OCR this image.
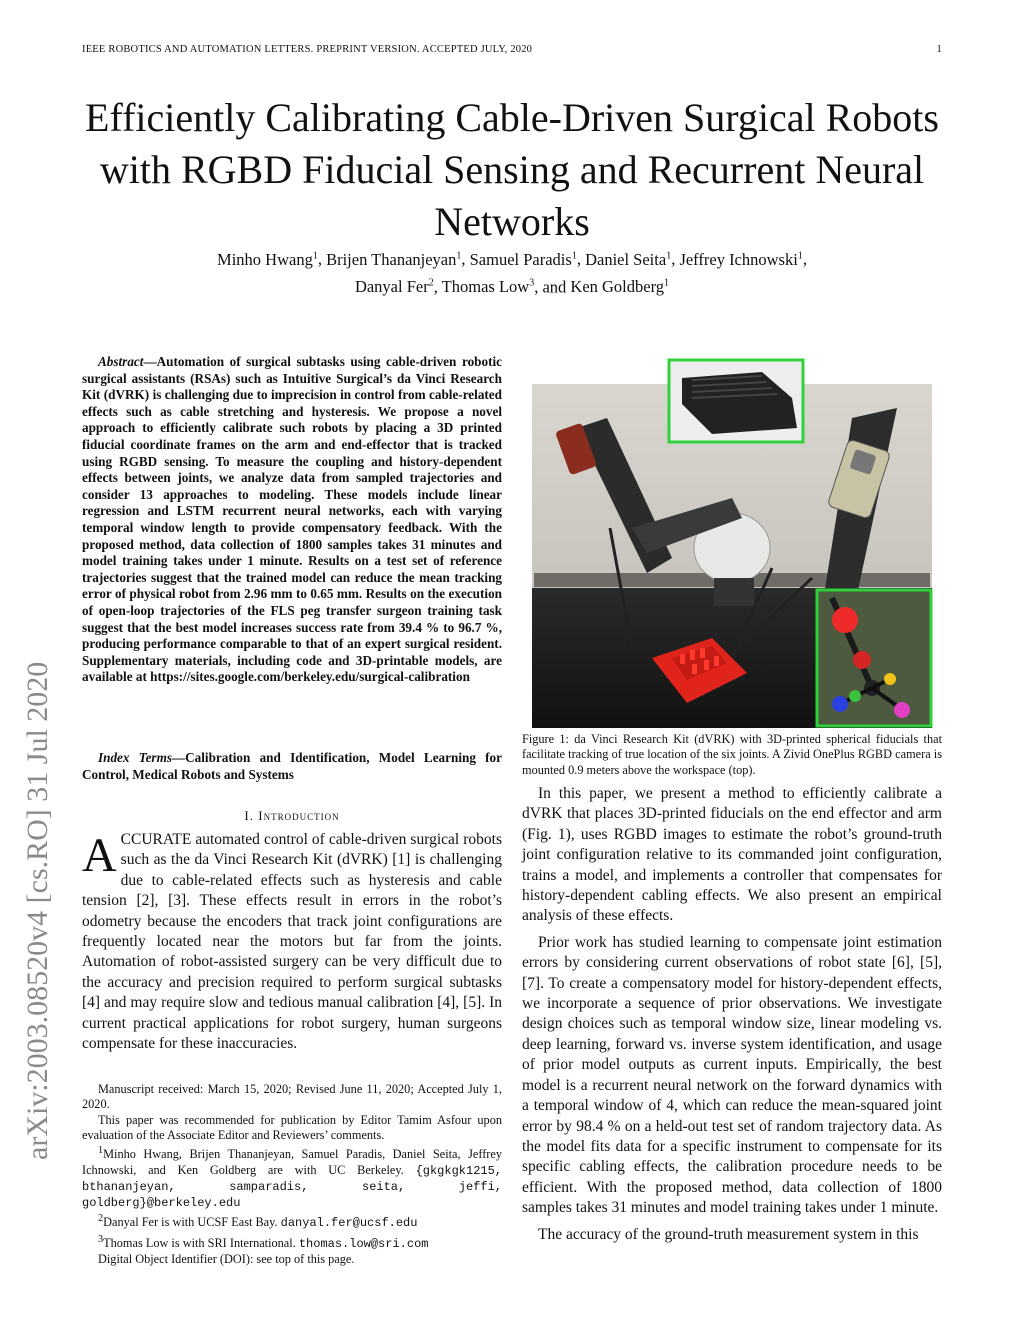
IEEE ROBOTICS AND AUTOMATION LETTERS. PREPRINT VERSION. ACCEPTED JULY, 2020	1
Efficiently Calibrating Cable-Driven Surgical Robots with RGBD Fiducial Sensing and Recurrent Neural Networks
Minho Hwang$^1$, Brijen Thananjeyan$^1$, Samuel Paradis$^1$, Daniel Seita$^1$, Jeffrey Ichnowski$^1$,
Danyal Fer$^2$, Thomas Low$^3$, and Ken Goldberg$^1$
arXiv:2003.08520v4 [cs.RO] 31 Jul 2020

Abstract—Automation of surgical subtasks using cable-driven robotic surgical assistants (RSAs) such as Intuitive Surgical’s da Vinci Research Kit (dVRK) is challenging due to imprecision in control from cable-related effects such as cable stretching and hysteresis. We propose a novel approach to efficiently calibrate such robots by placing a 3D printed fiducial coordinate frames on the arm and end-effector that is tracked using RGBD sensing. To measure the coupling and history-dependent effects between joints, we analyze data from sampled trajectories and consider 13 approaches to modeling. These models include linear regression and LSTM recurrent neural networks, each with varying temporal window length to provide compensatory feedback. With the proposed method, data collection of 1800 samples takes 31 minutes and model training takes under 1 minute. Results on a test set of reference trajectories suggest that the trained model can reduce the mean tracking error of physical robot from 2.96 mm to 0.65 mm. Results on the execution of open-loop trajectories of the FLS peg transfer surgeon training task suggest that the best model increases success rate from 39.4 % to 96.7 %, producing performance comparable to that of an expert surgical resident. Supplementary materials, including code and 3D-printable models, are available at https://sites.google.com/berkeley.edu/surgical-calibration

Index Terms—Calibration and Identification, Model Learning for Control, Medical Robots and Systems

I. Introduction
ACCURATE automated control of cable-driven surgical robots such as the da Vinci Research Kit (dVRK) [1] is challenging due to cable-related effects such as hysteresis and cable tension [2], [3]. These effects result in errors in the robot’s odometry because the encoders that track joint configurations are frequently located near the motors but far from the joints. Automation of robot-assisted surgery can be very difficult due to the accuracy and precision required to perform surgical subtasks [4] and may require slow and tedious manual calibration [4], [5]. In current practical applications for robot surgery, human surgeons compensate for these inaccuracies.

Manuscript received: March 15, 2020; Revised June 11, 2020; Accepted July 1, 2020.

This paper was recommended for publication by Editor Tamim Asfour upon evaluation of the Associate Editor and Reviewers’ comments.

$^1$Minho Hwang, Brijen Thananjeyan, Samuel Paradis, Daniel Seita, Jeffrey Ichnowski, and Ken Goldberg are with UC Berkeley. {gkgkgk1215, bthananjeyan, samparadis, seita, jeffi, goldberg}@berkeley.edu

$^2$Danyal Fer is with UCSF East Bay. danyal.fer@ucsf.edu

$^3$Thomas Low is with SRI International. thomas.low@sri.com

Digital Object Identifier (DOI): see top of this page.

Figure 1: da Vinci Research Kit (dVRK) with 3D-printed spherical fiducials that facilitate tracking of true location of the six joints. A Zivid OnePlus RGBD camera is mounted 0.9 meters above the workspace (top).

In this paper, we present a method to efficiently calibrate a dVRK that places 3D-printed fiducials on the end effector and arm (Fig. 1), uses RGBD images to estimate the robot’s ground-truth joint configuration relative to its commanded joint configuration, trains a model, and implements a controller that compensates for history-dependent cabling effects. We also present an empirical analysis of these effects.

Prior work has studied learning to compensate joint estimation errors by considering current observations of robot state [6], [5], [7]. To create a compensatory model for history-dependent effects, we incorporate a sequence of prior observations. We investigate design choices such as temporal window size, linear modeling vs. deep learning, forward vs. inverse system identification, and usage of prior model outputs as current inputs. Empirically, the best model is a recurrent neural network on the forward dynamics with a temporal window of 4, which can reduce the mean-squared joint error by 98.4 % on a held-out test set of random trajectory data. As the model fits data for a specific instrument to compensate for its specific cabling effects, the calibration procedure needs to be efficient. With the proposed method, data collection of 1800 samples takes 31 minutes and model training takes under 1 minute.

The accuracy of the ground-truth measurement system in this
